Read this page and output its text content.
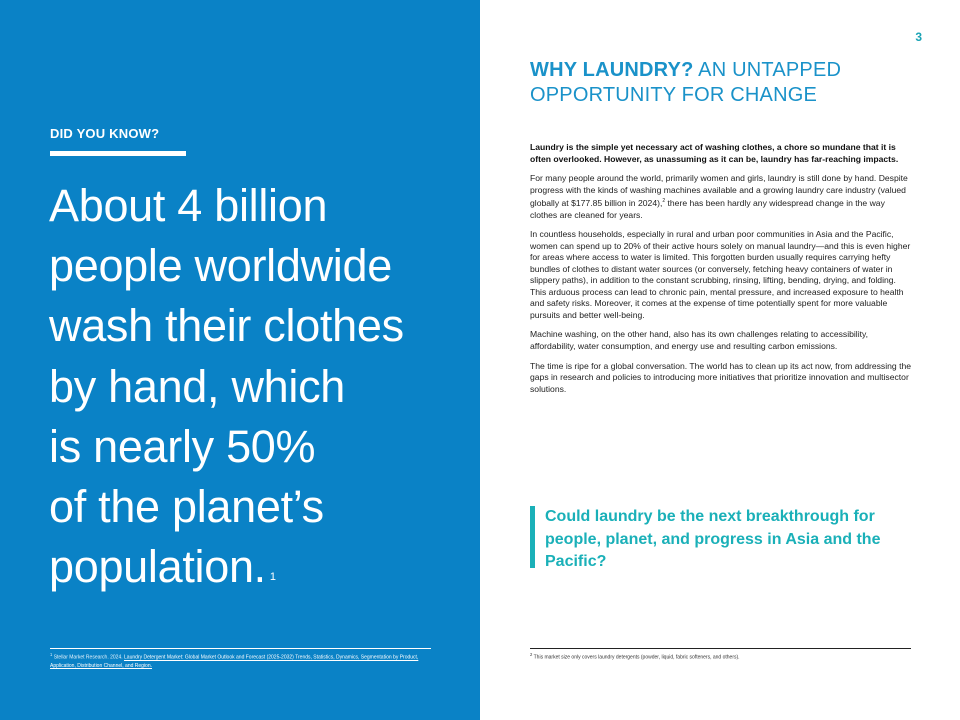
DID YOU KNOW?
About 4 billion
people worldwide
wash their clothes
by hand, which
is nearly 50%
of the planet’s
population. $^1$
$^1$ Stellar Market Research. 2024. Laundry Detergent Market: Global Market Outlook and Forecast (2025-2032) Trends, Statistics, Dynamics, Segmentation by Product, Application, Distribution Channel, and Region.
3
WHY LAUNDRY? AN UNTAPPED OPPORTUNITY FOR CHANGE

Laundry is the simple yet necessary act of washing clothes, a chore so mundane that it is often overlooked. However, as unassuming as it can be, laundry has far-reaching impacts.

For many people around the world, primarily women and girls, laundry is still done by hand. Despite progress with the kinds of washing machines available and a growing laundry care industry (valued globally at $177.85 billion in 2024),$^2$ there has been hardly any widespread change in the way clothes are cleaned for years.

In countless households, especially in rural and urban poor communities in Asia and the Pacific, women can spend up to 20% of their active hours solely on manual laundry—and this is even higher for areas where access to water is limited. This forgotten burden usually requires carrying hefty bundles of clothes to distant water sources (or conversely, fetching heavy containers of water in slippery paths), in addition to the constant scrubbing, rinsing, lifting, bending, drying, and folding. This arduous process can lead to chronic pain, mental pressure, and increased exposure to health and safety risks. Moreover, it comes at the expense of time potentially spent for more valuable pursuits and better well-being.

Machine washing, on the other hand, also has its own challenges relating to accessibility, affordability, water consumption, and energy use and resulting carbon emissions.

The time is ripe for a global conversation. The world has to clean up its act now, from addressing the gaps in research and policies to introducing more initiatives that prioritize innovation and multisector solutions.

Could laundry be the next breakthrough for people, planet, and progress in Asia and the Pacific?
$^2$ This market size only covers laundry detergents (powder, liquid, fabric softeners, and others).
